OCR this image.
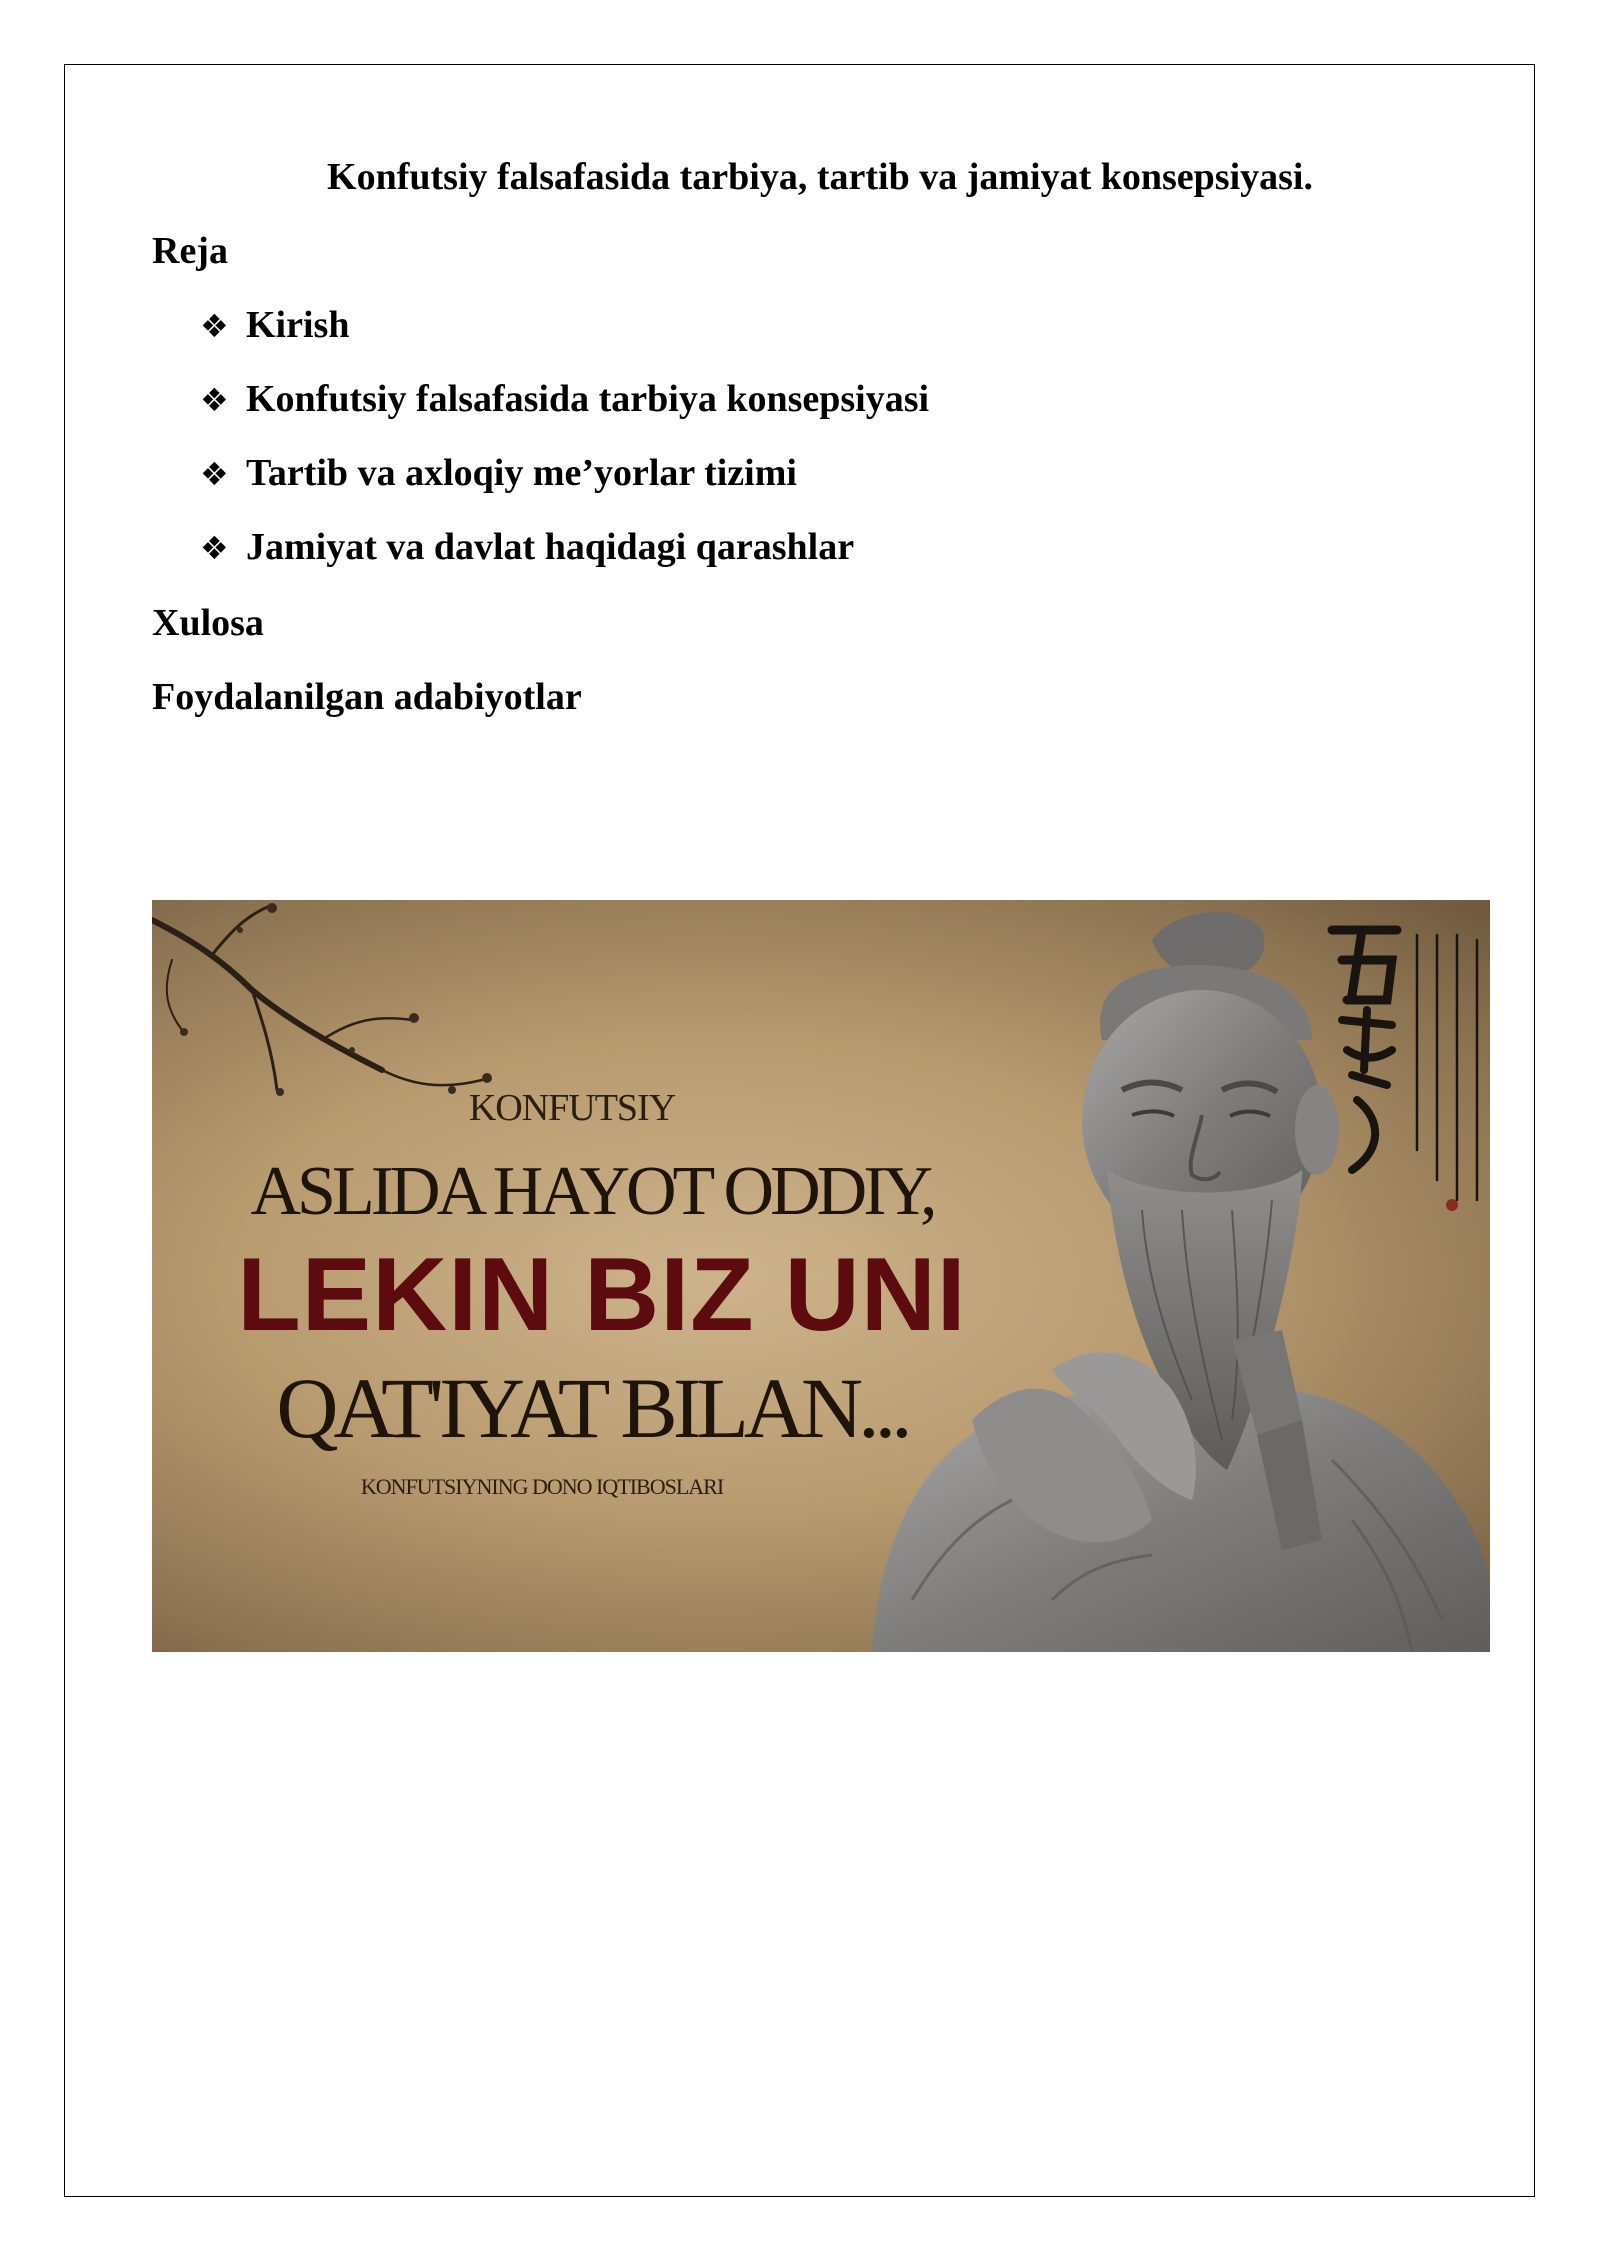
Konfutsiy falsafasida tarbiya, tartib va jamiyat konsepsiyasi.
Reja
❖ Kirish
❖ Konfutsiy falsafasida tarbiya konsepsiyasi
❖ Tartib va axloqiy me’yorlar tizimi
❖ Jamiyat va davlat haqidagi qarashlar
Xulosa
Foydalanilgan adabiyotlar
KONFUTSIY
ASLIDA HAYOT ODDIY,
LEKIN BIZ UNI
QAT'IYAT BILAN...
KONFUTSIYNING DONO IQTIBOSLARI
